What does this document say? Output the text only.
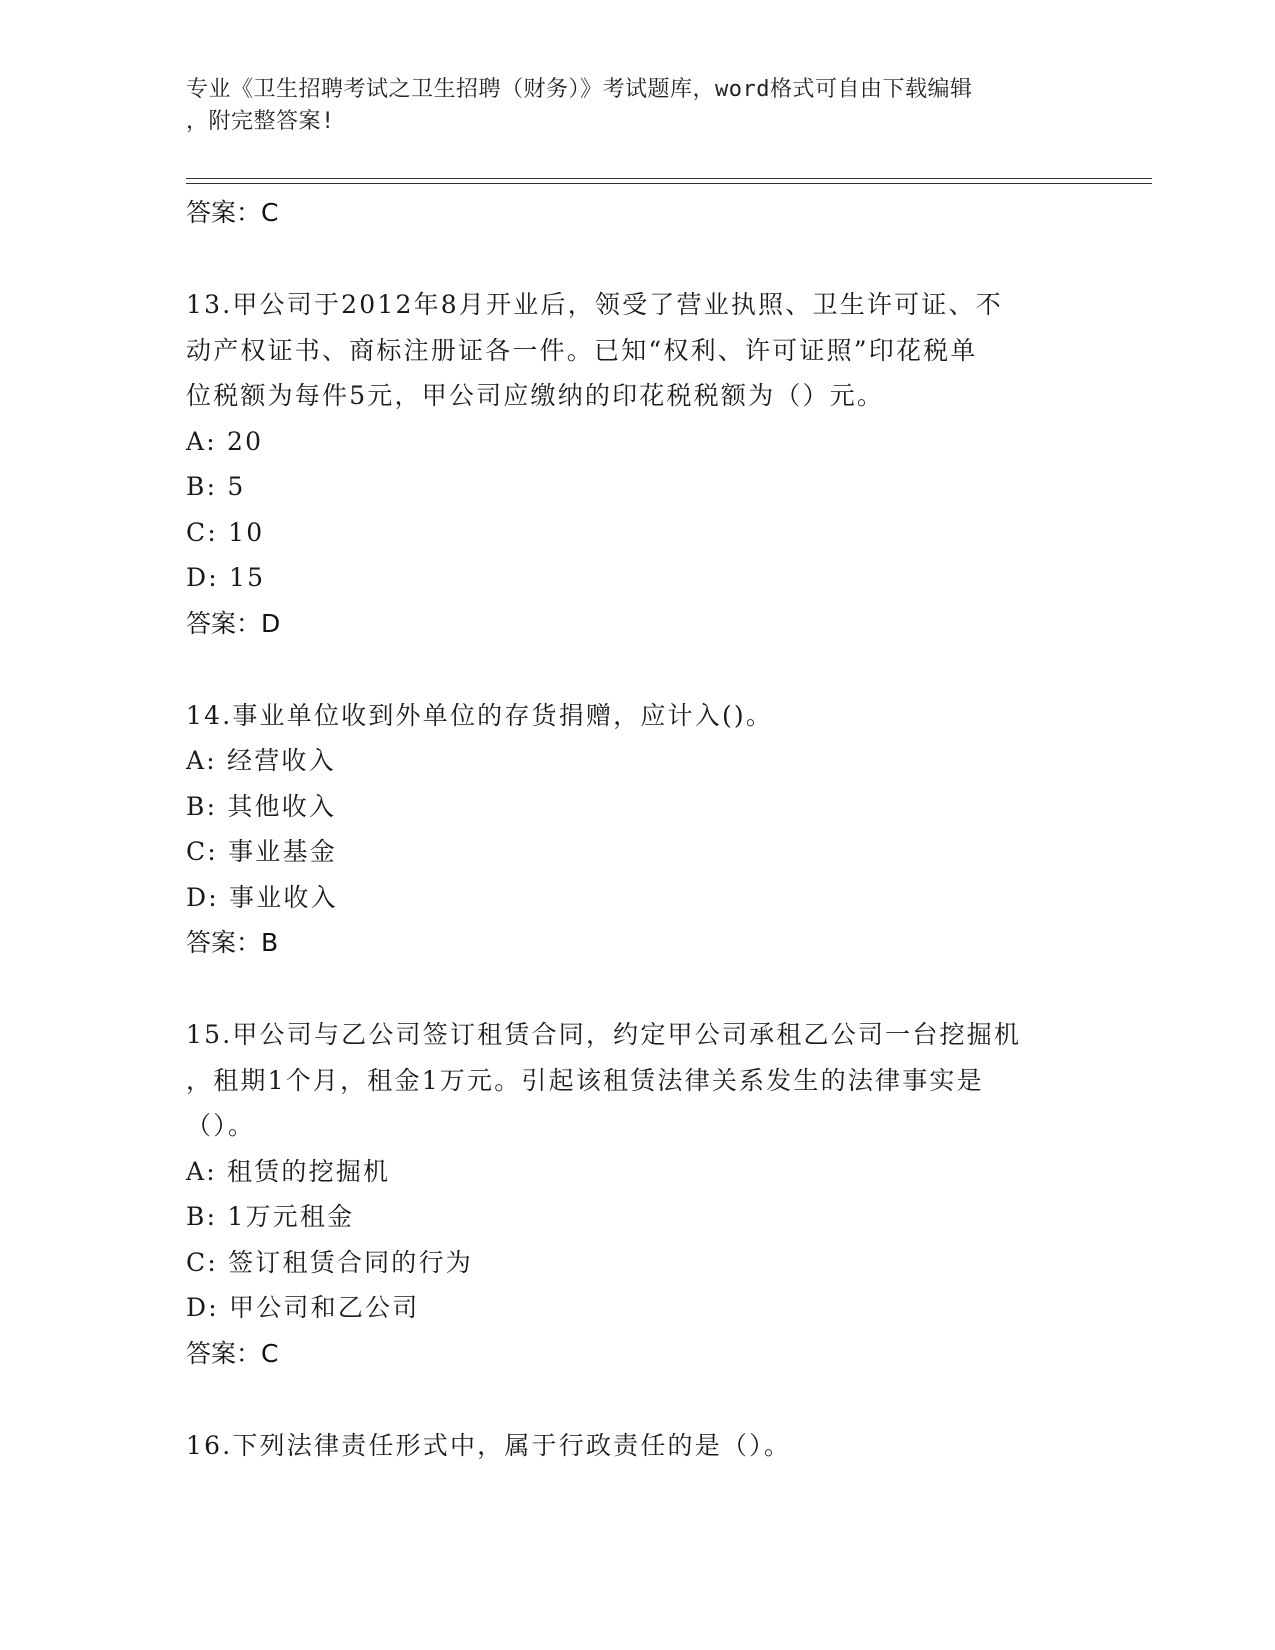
专业《卫生招聘考试之卫生招聘（财务）》考试题库，word格式可自由下载编辑
，附完整答案!
答案：C
13.甲公司于2012年8月开业后，领受了营业执照、卫生许可证、不
动产权证书、商标注册证各一件。已知“权利、许可证照”印花税单
位税额为每件5元，甲公司应缴纳的印花税税额为（）元。
A: 20
B: 5
C: 10
D: 15
答案：D
14.事业单位收到外单位的存货捐赠，应计入()。
A: 经营收入
B: 其他收入
C: 事业基金
D: 事业收入
答案：B
15.甲公司与乙公司签订租赁合同，约定甲公司承租乙公司一台挖掘机
，租期1个月，租金1万元。引起该租赁法律关系发生的法律事实是
（）。
A: 租赁的挖掘机
B: 1万元租金
C: 签订租赁合同的行为
D: 甲公司和乙公司
答案：C
16.下列法律责任形式中，属于行政责任的是（）。
